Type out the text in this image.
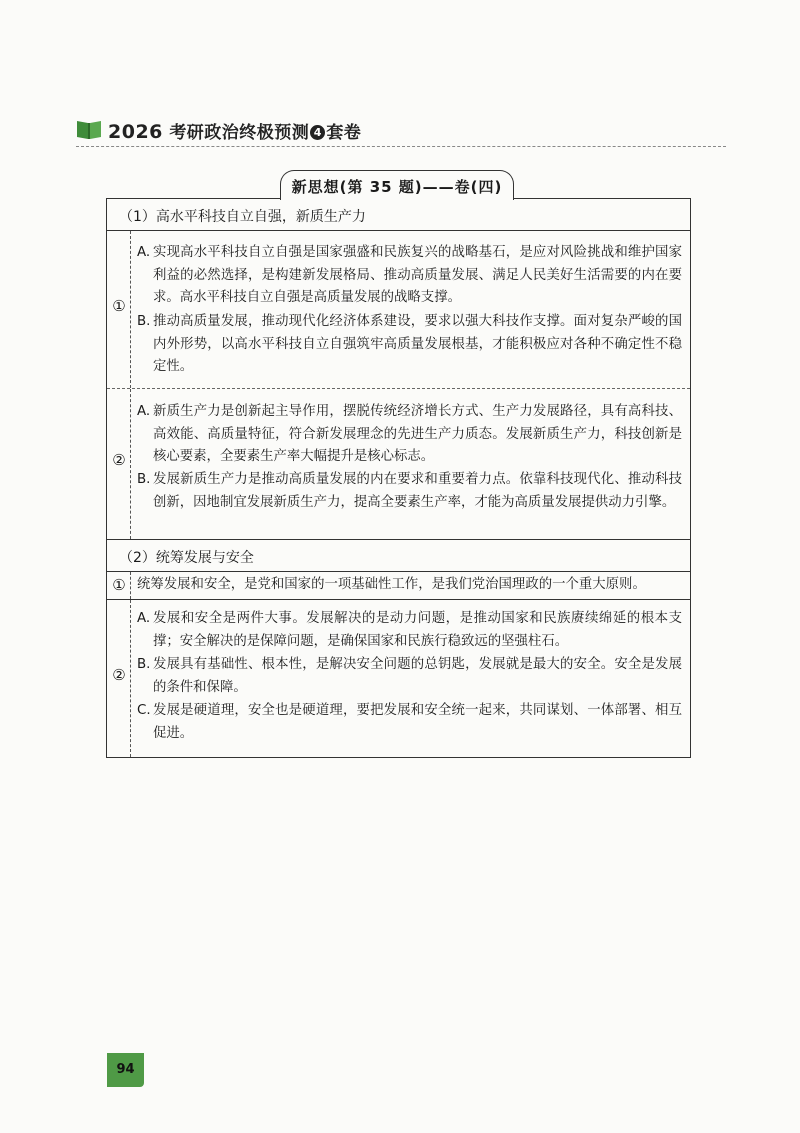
2026 考研政治终极预测 4 套卷
（1）高水平科技自立自强，新质生产力
①
A. 实现高水平科技自立自强是国家强盛和民族复兴的战略基石，是应对风险挑战和维护国家利益的必然选择，是构建新发展格局、推动高质量发展、满足人民美好生活需要的内在要求。高水平科技自立自强是高质量发展的战略支撑。
B. 推动高质量发展，推动现代化经济体系建设，要求以强大科技作支撑。面对复杂严峻的国内外形势，以高水平科技自立自强筑牢高质量发展根基，才能积极应对各种不确定性不稳定性。
②
A. 新质生产力是创新起主导作用，摆脱传统经济增长方式、生产力发展路径，具有高科技、高效能、高质量特征，符合新发展理念的先进生产力质态。发展新质生产力，科技创新是核心要素，全要素生产率大幅提升是核心标志。
B. 发展新质生产力是推动高质量发展的内在要求和重要着力点。依靠科技现代化、推动科技创新，因地制宜发展新质生产力，提高全要素生产率，才能为高质量发展提供动力引擎。
（2）统筹发展与安全
① 统筹发展和安全，是党和国家的一项基础性工作，是我们党治国理政的一个重大原则。
②
A. 发展和安全是两件大事。发展解决的是动力问题，是推动国家和民族赓续绵延的根本支撑；安全解决的是保障问题，是确保国家和民族行稳致远的坚强柱石。
B. 发展具有基础性、根本性，是解决安全问题的总钥匙，发展就是最大的安全。安全是发展的条件和保障。
C. 发展是硬道理，安全也是硬道理，要把发展和安全统一起来，共同谋划、一体部署、相互促进。
新思想(第 35 题)——卷(四)
94
